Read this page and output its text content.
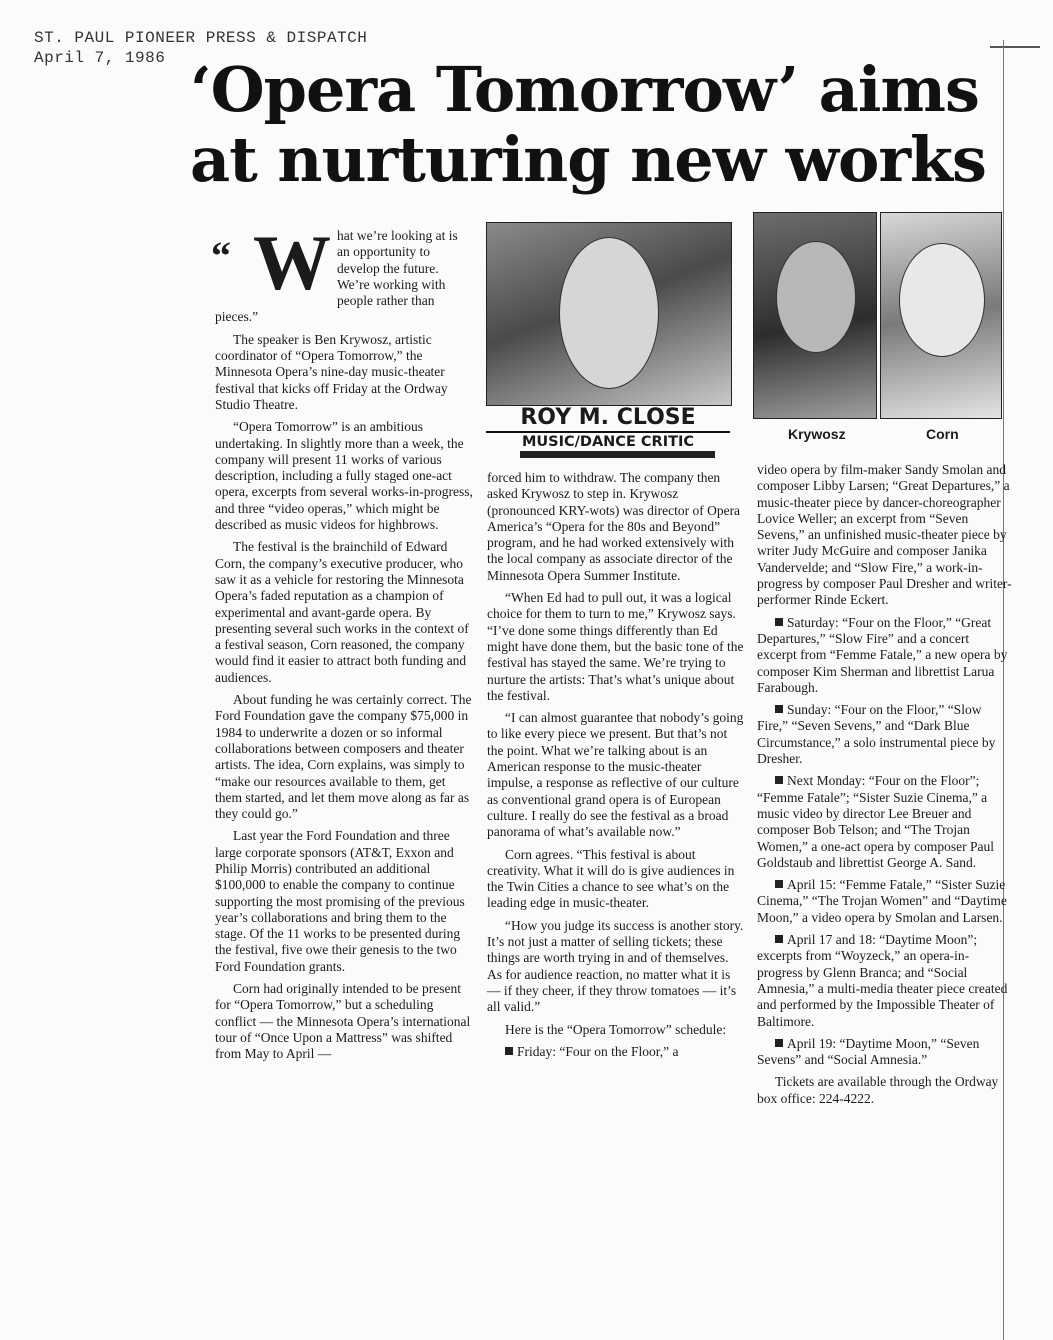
ST. PAUL PIONEER PRESS & DISPATCH
April 7, 1986 ‘Opera Tomorrow’ aims
at nurturing new works
ROY M. CLOSE
MUSIC/DANCE CRITIC	Krywosz	Corn
“ W hat we’re looking at is an opportunity to develop the future. We’re working with people rather than pieces.”

The speaker is Ben Krywosz, artistic coordinator of “Opera Tomorrow,” the Minnesota Opera’s nine-day music-theater festival that kicks off Friday at the Ordway Studio Theatre.

“Opera Tomorrow” is an ambitious undertaking. In slightly more than a week, the company will present 11 works of various description, including a fully staged one-act opera, excerpts from several works-in-progress, and three “video operas,” which might be described as music videos for highbrows.

The festival is the brainchild of Edward Corn, the company’s executive producer, who saw it as a vehicle for restoring the Minnesota Opera’s faded reputation as a champion of experimental and avant-garde opera. By presenting several such works in the context of a festival season, Corn reasoned, the company would find it easier to attract both funding and audiences.

About funding he was certainly correct. The Ford Foundation gave the company $75,000 in 1984 to underwrite a dozen or so informal collaborations between composers and theater artists. The idea, Corn explains, was simply to “make our resources available to them, get them started, and let them move along as far as they could go.”

Last year the Ford Foundation and three large corporate sponsors (AT&T, Exxon and Philip Morris) contributed an additional $100,000 to enable the company to continue supporting the most promising of the previous year’s collaborations and bring them to the stage. Of the 11 works to be presented during the festival, five owe their genesis to the two Ford Foundation grants.

Corn had originally intended to be present for “Opera Tomorrow,” but a scheduling conflict — the Minnesota Opera’s international tour of “Once Upon a Mattress” was shifted from May to April —

forced him to withdraw. The company then asked Krywosz to step in. Krywosz (pronounced KRY-wots) was director of Opera America’s “Opera for the 80s and Beyond” program, and he had worked extensively with the local company as associate director of the Minnesota Opera Summer Institute.

“When Ed had to pull out, it was a logical choice for them to turn to me,” Krywosz says. “I’ve done some things differently than Ed might have done them, but the basic tone of the festival has stayed the same. We’re trying to nurture the artists: That’s what’s unique about the festival.

“I can almost guarantee that nobody’s going to like every piece we present. But that’s not the point. What we’re talking about is an American response to the music-theater impulse, a response as reflective of our culture as conventional grand opera is of European culture. I really do see the festival as a broad panorama of what’s available now.”

Corn agrees. “This festival is about creativity. What it will do is give audiences in the Twin Cities a chance to see what’s on the leading edge in music-theater.

“How you judge its success is another story. It’s not just a matter of selling tickets; these things are worth trying in and of themselves. As for audience reaction, no matter what it is — if they cheer, if they throw tomatoes — it’s all valid.”

Here is the “Opera Tomorrow” schedule:

Friday: “Four on the Floor,” a

video opera by film-maker Sandy Smolan and composer Libby Larsen; “Great Departures,” a music-theater piece by dancer-choreographer Lovice Weller; an excerpt from “Seven Sevens,” an unfinished music-theater piece by writer Judy McGuire and composer Janika Vandervelde; and “Slow Fire,” a work-in-progress by composer Paul Dresher and writer-performer Rinde Eckert.

Saturday: “Four on the Floor,” “Great Departures,” “Slow Fire” and a concert excerpt from “Femme Fatale,” a new opera by composer Kim Sherman and librettist Larua Farabough.

Sunday: “Four on the Floor,” “Slow Fire,” “Seven Sevens,” and “Dark Blue Circumstance,” a solo instrumental piece by Dresher.

Next Monday: “Four on the Floor”; “Femme Fatale”; “Sister Suzie Cinema,” a music video by director Lee Breuer and composer Bob Telson; and “The Trojan Women,” a one-act opera by composer Paul Goldstaub and librettist George A. Sand.

April 15: “Femme Fatale,” “Sister Suzie Cinema,” “The Trojan Women” and “Daytime Moon,” a video opera by Smolan and Larsen.

April 17 and 18: “Daytime Moon”; excerpts from “Woyzeck,” an opera-in-progress by Glenn Branca; and “Social Amnesia,” a multi-media theater piece created and performed by the Impossible Theater of Baltimore.

April 19: “Daytime Moon,” “Seven Sevens” and “Social Amnesia.”

Tickets are available through the Ordway box office: 224-4222.
